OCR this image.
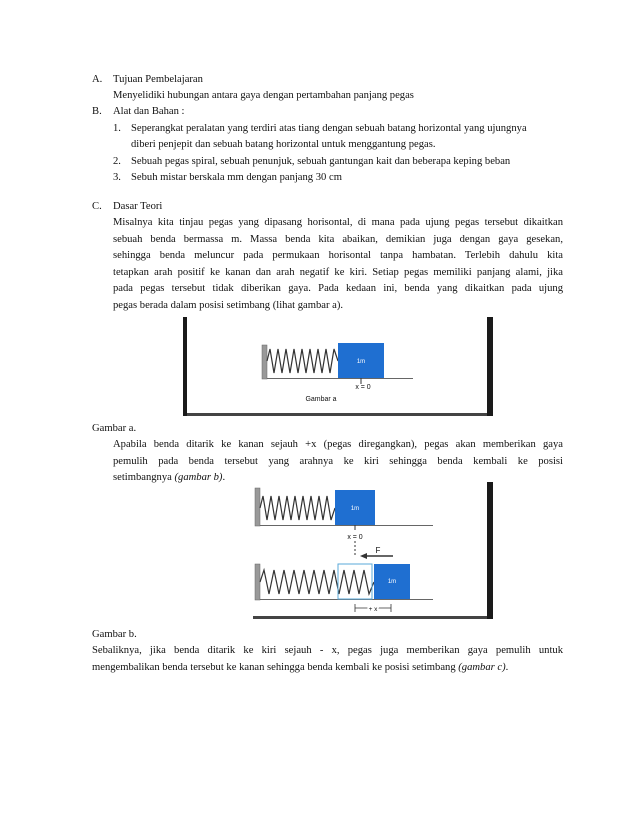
A. Tujuan Pembelajaran
Menyelidiki hubungan antara gaya dengan pertambahan panjang pegas
B. Alat dan Bahan :
1. Seperangkat peralatan yang terdiri atas tiang dengan sebuah batang horizontal yang ujungnya
diberi penjepit dan sebuah batang horizontal untuk menggantung pegas.
2. Sebuah pegas spiral, sebuah penunjuk, sebuah gantungan kait dan beberapa keping beban
3. Sebuh mistar berskala mm dengan panjang 30 cm
C. Dasar Teori
Misalnya kita tinjau pegas yang dipasang horisontal, di mana pada ujung pegas tersebut dikaitkan
sebuah benda bermassa m. Massa benda kita abaikan, demikian juga dengan gaya gesekan,
sehingga benda meluncur pada permukaan horisontal tanpa hambatan. Terlebih dahulu kita
tetapkan arah positif ke kanan dan arah negatif ke kiri. Setiap pegas memiliki panjang alami, jika
pada pegas tersebut tidak diberikan gaya. Pada kedaan ini, benda yang dikaitkan pada ujung
pegas berada dalam posisi setimbang (lihat gambar a).
1m
x = 0
Gambar a
Gambar a.
Apabila benda ditarik ke kanan sejauh +x (pegas diregangkan), pegas akan memberikan gaya
pemulih pada benda tersebut yang arahnya ke kiri sehingga benda kembali ke posisi
setimbangnya (gambar b).
1m
x = 0
F
1m
+ x
Gambar b.
Sebaliknya, jika benda ditarik ke kiri sejauh - x, pegas juga memberikan gaya pemulih untuk
mengembalikan benda tersebut ke kanan sehingga benda kembali ke posisi setimbang (gambar c).
